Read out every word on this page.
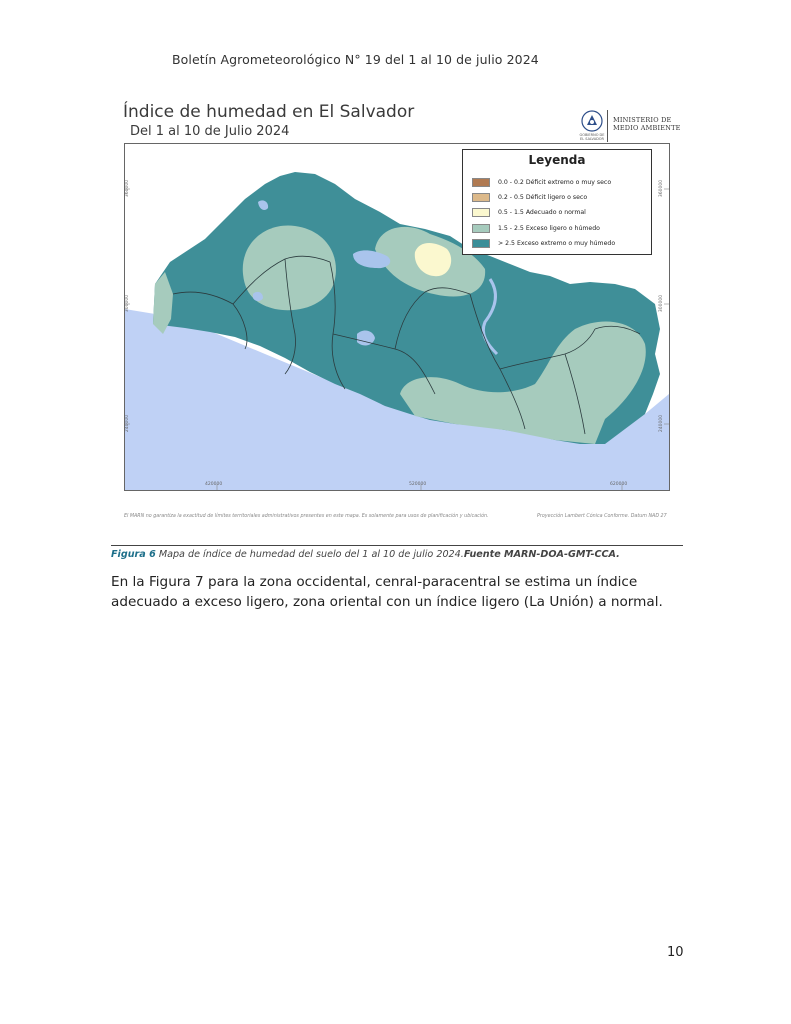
Boletín Agrometeorológico N° 19 del 1 al 10 de julio 2024
Índice de humedad en El Salvador
Del 1 al 10 de Julio 2024
MINISTERIO DE
MEDIO AMBIENTE
GOBIERNO DE EL SALVADOR
Leyenda
0.0 - 0.2 Déficit extremo o muy seco
0.2 - 0.5 Déficit ligero o seco
0.5 - 1.5 Adecuado o normal
1.5 - 2.5 Exceso ligero o húmedo
> 2.5 Exceso extremo o muy húmedo
420000	520000	620000
360000
300000
240000
360000
300000
240000
El MARN no garantiza la exactitud de límites territoriales administrativos presentes en este mapa. Es solamente para usos de planificación y ubicación.	Proyección Lambert Cónica Conforme. Datum NAD 27
Figura 6 Mapa de índice de humedad del suelo del 1 al 10 de julio 2024.Fuente MARN-DOA-GMT-CCA.
En la Figura 7 para la zona occidental, cenral-paracentral se estima un índice adecuado a exceso ligero, zona oriental con un índice ligero (La Unión) a normal.
10
